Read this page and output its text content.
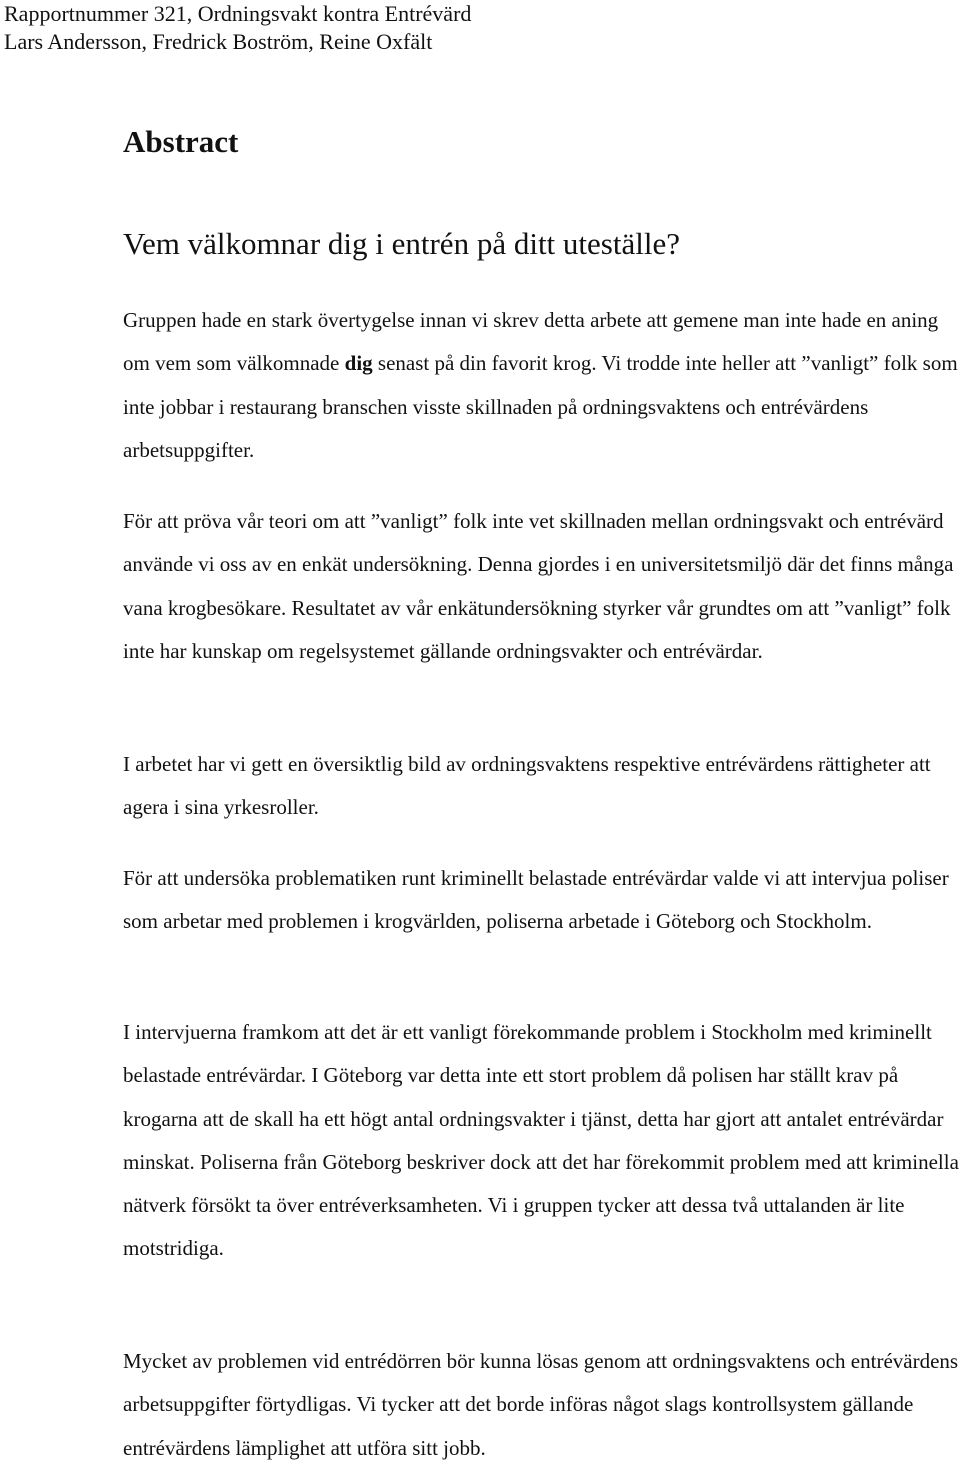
Rapportnummer 321, Ordningsvakt kontra Entrévärd
Lars Andersson, Fredrick Boström, Reine Oxfält
Abstract
Vem välkomnar dig i entrén på ditt uteställe?

Gruppen hade en stark övertygelse innan vi skrev detta arbete att gemene man inte hade en aning om vem som välkomnade dig senast på din favorit krog. Vi trodde inte heller att ”vanligt” folk som inte jobbar i restaurang branschen visste skillnaden på ordningsvaktens och entrévärdens arbetsuppgifter.

För att pröva vår teori om att ”vanligt” folk inte vet skillnaden mellan ordningsvakt och entrévärd använde vi oss av en enkät undersökning. Denna gjordes i en universitetsmiljö där det finns många vana krogbesökare. Resultatet av vår enkätundersökning styrker vår grundtes om att ”vanligt” folk inte har kunskap om regelsystemet gällande ordningsvakter och entrévärdar.

I arbetet har vi gett en översiktlig bild av ordningsvaktens respektive entrévärdens rättigheter att agera i sina yrkesroller.

För att undersöka problematiken runt kriminellt belastade entrévärdar valde vi att intervjua poliser som arbetar med problemen i krogvärlden, poliserna arbetade i Göteborg och Stockholm.

I intervjuerna framkom att det är ett vanligt förekommande problem i Stockholm med kriminellt belastade entrévärdar. I Göteborg var detta inte ett stort problem då polisen har ställt krav på krogarna att de skall ha ett högt antal ordningsvakter i tjänst, detta har gjort att antalet entrévärdar minskat. Poliserna från Göteborg beskriver dock att det har förekommit problem med att kriminella nätverk försökt ta över entréverksamheten. Vi i gruppen tycker att dessa två uttalanden är lite motstridiga.

Mycket av problemen vid entrédörren bör kunna lösas genom att ordningsvaktens och entrévärdens arbetsuppgifter förtydligas. Vi tycker att det borde införas något slags kontrollsystem gällande entrévärdens lämplighet att utföra sitt jobb.
